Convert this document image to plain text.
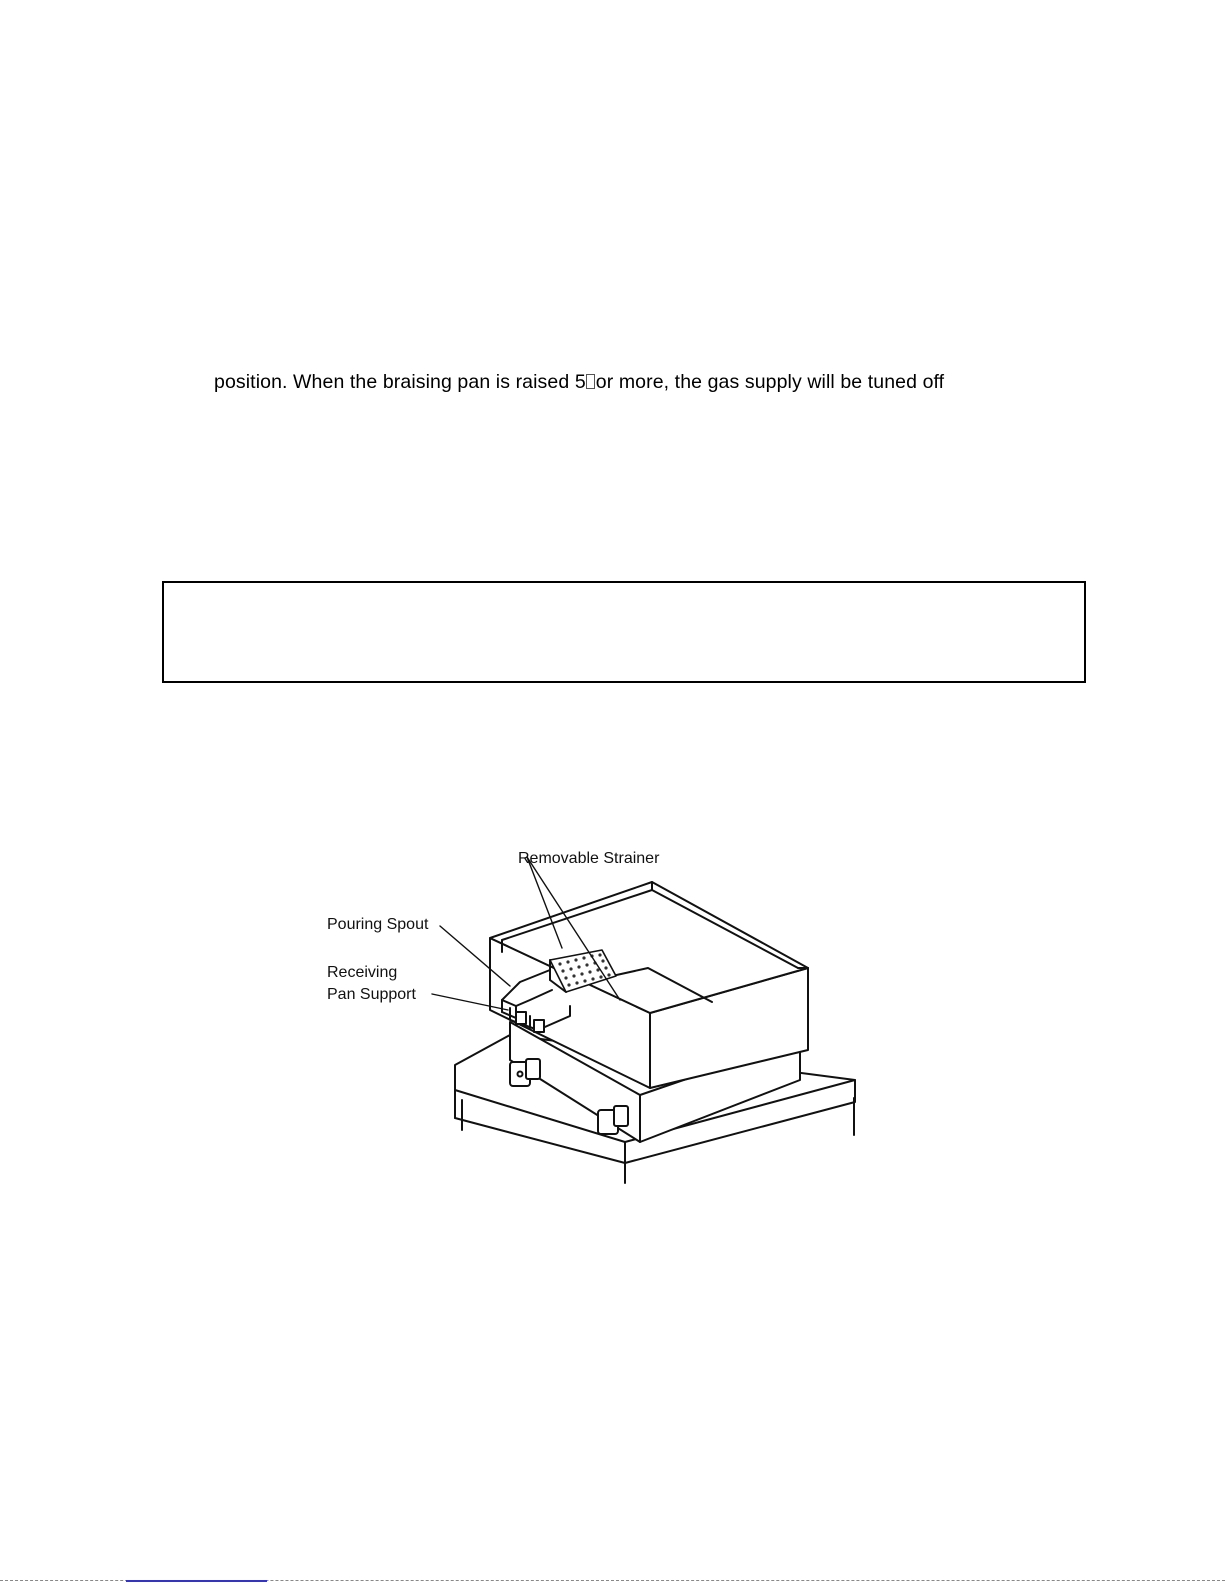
position. When the braising pan is raised 5 or more, the gas supply will be tuned off
Removable Strainer
Pouring Spout
Receiving
Pan Support
